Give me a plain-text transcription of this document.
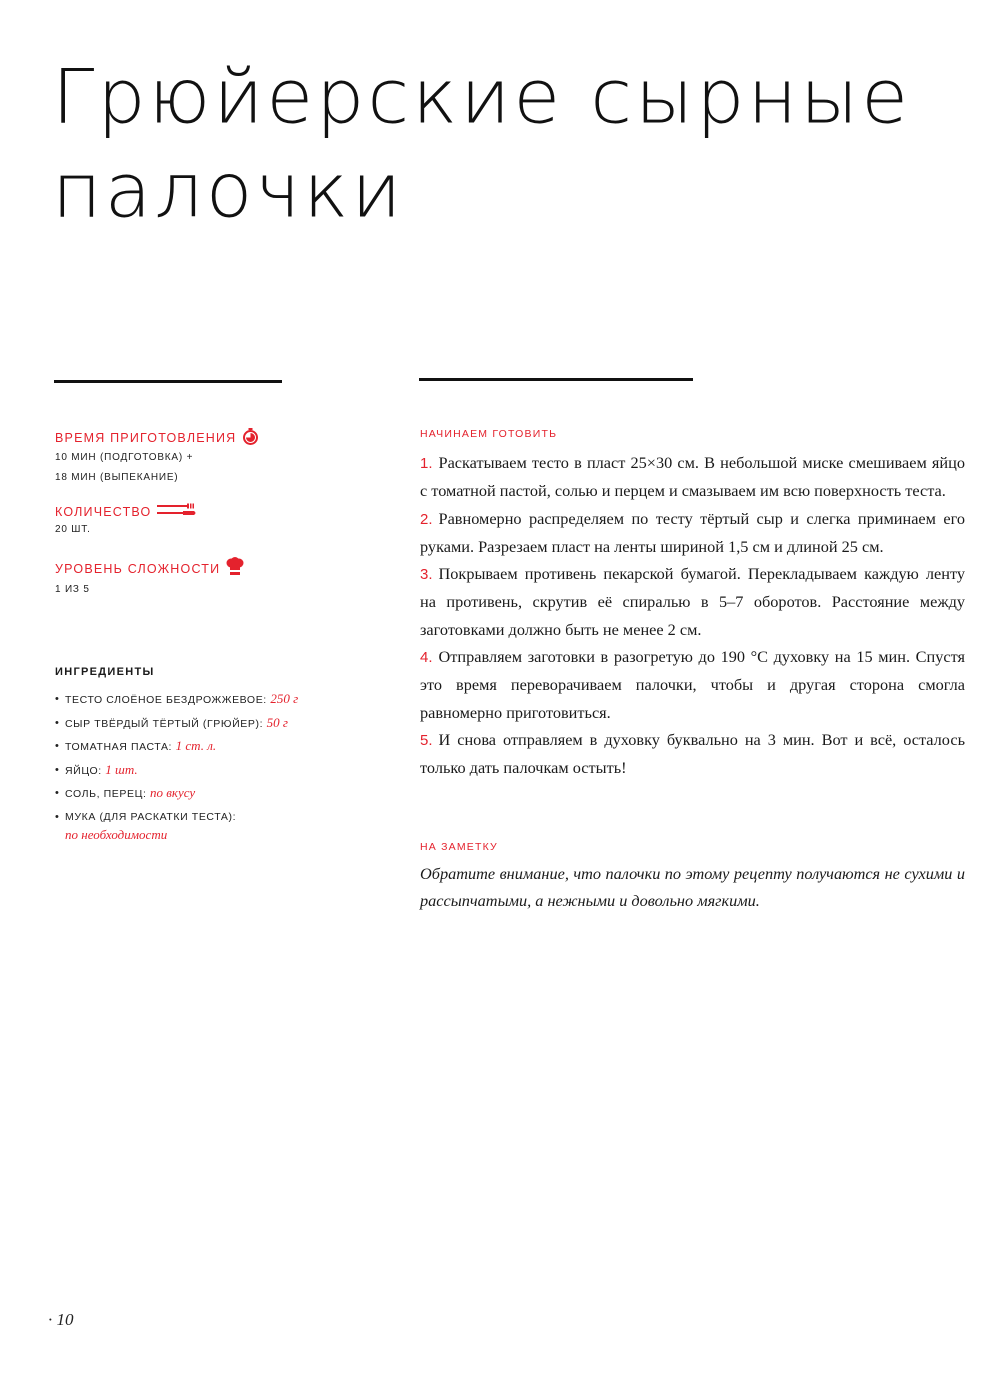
Грюйерские сырные
палочки
ВРЕМЯ ПРИГОТОВЛЕНИЯ
10 МИН (ПОДГОТОВКА) +
18 МИН (ВЫПЕКАНИЕ)
КОЛИЧЕСТВО
20 ШТ.
УРОВЕНЬ СЛОЖНОСТИ
1 ИЗ 5
ИНГРЕДИЕНТЫ
• ТЕСТО СЛОЁНОЕ БЕЗДРОЖЖЕВОЕ: 250 г
• СЫР ТВЁРДЫЙ ТЁРТЫЙ (ГРЮЙЕР): 50 г
• ТОМАТНАЯ ПАСТА: 1 ст. л.
• ЯЙЦО: 1 шт.
• СОЛЬ, ПЕРЕЦ: по вкусу
• МУКА (ДЛЯ РАСКАТКИ ТЕСТА):
по необходимости
НАЧИНАЕМ ГОТОВИТЬ
1. Раскатываем тесто в пласт 25×30 см. В небольшой миске смешиваем яйцо с томатной пастой, солью и перцем и смазываем им всю поверхность теста.
2. Равномерно распределяем по тесту тёртый сыр и слегка приминаем его руками. Разрезаем пласт на ленты шириной 1,5 см и длиной 25 см.
3. Покрываем противень пекарской бумагой. Перекладываем каждую ленту на противень, скрутив её спиралью в 5–7 оборотов. Расстояние между заготовками должно быть не менее 2 см.
4. Отправляем заготовки в разогретую до 190 °C духовку на 15 мин. Спустя это время переворачиваем палочки, чтобы и другая сторона смогла равномерно приготовиться.
5. И снова отправляем в духовку буквально на 3 мин. Вот и всё, осталось только дать палочкам остыть!
НА ЗАМЕТКУ
Обратите внимание, что палочки по этому рецепту получаются не сухими и рассыпчатыми, а нежными и довольно мягкими.
· 10
